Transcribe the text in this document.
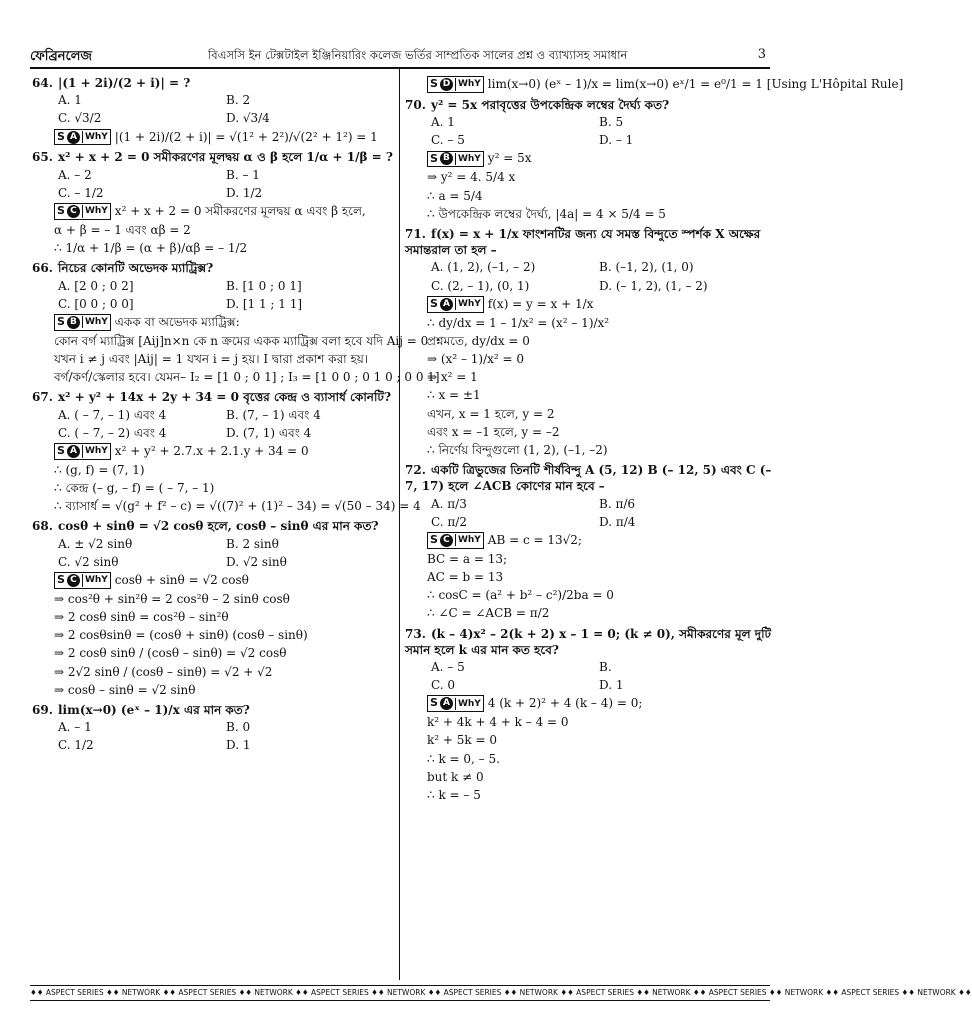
ফেব্রিনলেজ	বিএসসি ইন টেক্সটাইল ইঞ্জিনিয়ারিং কলেজ ভর্তির সাম্প্রতিক সালের প্রশ্ন ও ব্যাখ্যাসহ সমাধান	3
64. |(1 + 2i)/(2 + i)| = ?
A. 1	B. 2
C. √3/2	D. √3/4
S A WhY |(1 + 2i)/(2 + i)| = √(1² + 2²)/√(2² + 1²) = 1
65. x² + x + 2 = 0 সমীকরণের মূলদ্বয় α ও β হলে 1/α + 1/β = ?
A. – 2	B. – 1
C. – 1/2	D. 1/2
S C WhY x² + x + 2 = 0 সমীকরণের মূলদ্বয় α এবং β হলে,
α + β = – 1 এবং αβ = 2
∴ 1/α + 1/β = (α + β)/αβ = – 1/2
66. নিচের কোনটি অভেদক ম্যাট্রিক্স?
A. [2 0 ; 0 2]	B. [1 0 ; 0 1]
C. [0 0 ; 0 0]	D. [1 1 ; 1 1]
S B WhY একক বা অভেদক ম্যাট্রিক্স:
কোন বর্গ ম্যাট্রিক্স [Aij]n×n কে n ক্রমের একক ম্যাট্রিক্স বলা হবে যদি Aij = 0
যখন i ≠ j এবং |Aij| = 1 যখন i = j হয়। I দ্বারা প্রকাশ করা হয়।
বর্গ/কর্ণ/স্কেলার হবে। যেমন– I₂ = [1 0 ; 0 1] ; I₃ = [1 0 0 ; 0 1 0 ; 0 0 1]
67. x² + y² + 14x + 2y + 34 = 0 বৃত্তের কেন্দ্র ও ব্যাসার্ধ কোনটি?
A. ( – 7, – 1) এবং 4	B. (7, – 1) এবং 4
C. ( – 7, – 2) এবং 4	D. (7, 1) এবং 4
S A WhY x² + y² + 2.7.x + 2.1.y + 34 = 0
∴ (g, f) = (7, 1)
∴ কেন্দ্র (– g, – f) = ( – 7, – 1)
∴ ব্যাসার্ধ = √(g² + f² – c) = √((7)² + (1)² – 34) = √(50 – 34) = 4
68. cosθ + sinθ = √2 cosθ হলে, cosθ – sinθ এর মান কত?
A. ± √2 sinθ	B. 2 sinθ
C. √2 sinθ	D. √2 sinθ
S C WhY cosθ + sinθ = √2 cosθ
⇒ cos²θ + sin²θ = 2 cos²θ – 2 sinθ cosθ
⇒ 2 cosθ sinθ = cos²θ – sin²θ
⇒ 2 cosθsinθ = (cosθ + sinθ) (cosθ – sinθ)
⇒ 2 cosθ sinθ / (cosθ – sinθ) = √2 cosθ
⇒ 2√2 sinθ / (cosθ – sinθ) = √2 + √2
⇒ cosθ – sinθ = √2 sinθ
69. lim(x→0) (eˣ – 1)/x এর মান কত?
A. – 1	B. 0
C. 1/2	D. 1
S D WhY lim(x→0) (eˣ – 1)/x = lim(x→0) eˣ/1 = e⁰/1 = 1 [Using L'Hôpital Rule]
70. y² = 5x পরাবৃত্তের উপকেন্দ্রিক লম্বের দৈর্ঘ্য কত?
A. 1	B. 5
C. – 5	D. – 1
S B WhY y² = 5x
⇒ y² = 4. 5/4 x
∴ a = 5/4
∴ উপকেন্দ্রিক লম্বের দৈর্ঘ্য, |4a| = 4 × 5/4 = 5
71. f(x) = x + 1/x ফাংশনটির জন্য যে সমস্ত বিন্দুতে স্পর্শক X অক্ষের সমান্তরাল তা হল –
A. (1, 2), (–1, – 2)	B. (–1, 2), (1, 0)
C. (2, – 1), (0, 1)	D. (– 1, 2), (1, – 2)
S A WhY f(x) = y = x + 1/x
∴ dy/dx = 1 – 1/x² = (x² – 1)/x²
প্রশ্নমতে, dy/dx = 0
⇒ (x² – 1)/x² = 0
⇒ x² = 1
∴ x = ±1
এখন, x = 1 হলে, y = 2
এবং x = –1 হলে, y = –2
∴ নির্ণেয় বিন্দুগুলো (1, 2), (–1, –2)
72. একটি ত্রিভুজের তিনটি শীর্ষবিন্দু A (5, 12) B (– 12, 5) এবং C (–7, 17) হলে ∠ACB কোণের মান হবে –
A. π/3	B. π/6
C. π/2	D. π/4
S C WhY AB = c = 13√2;
BC = a = 13;
AC = b = 13
∴ cosC = (a² + b² – c²)/2ba = 0
∴ ∠C = ∠ACB = π/2
73. (k – 4)x² – 2(k + 2) x – 1 = 0; (k ≠ 0), সমীকরণের মূল দুটি সমান হলে k এর মান কত হবে?
A. – 5	B.
C. 0	D. 1
S A WhY 4 (k + 2)² + 4 (k – 4) = 0;
k² + 4k + 4 + k – 4 = 0
k² + 5k = 0
∴ k = 0, – 5.
but k ≠ 0
∴ k = – 5
♦♦ ASPECT SERIES ♦♦ NETWORK ♦♦ ASPECT SERIES ♦♦ NETWORK ♦♦ ASPECT SERIES ♦♦ NETWORK ♦♦ ASPECT SERIES ♦♦ NETWORK ♦♦ ASPECT SERIES ♦♦ NETWORK ♦♦ ASPECT SERIES ♦♦ NETWORK ♦♦ ASPECT SERIES ♦♦ NETWORK ♦♦
